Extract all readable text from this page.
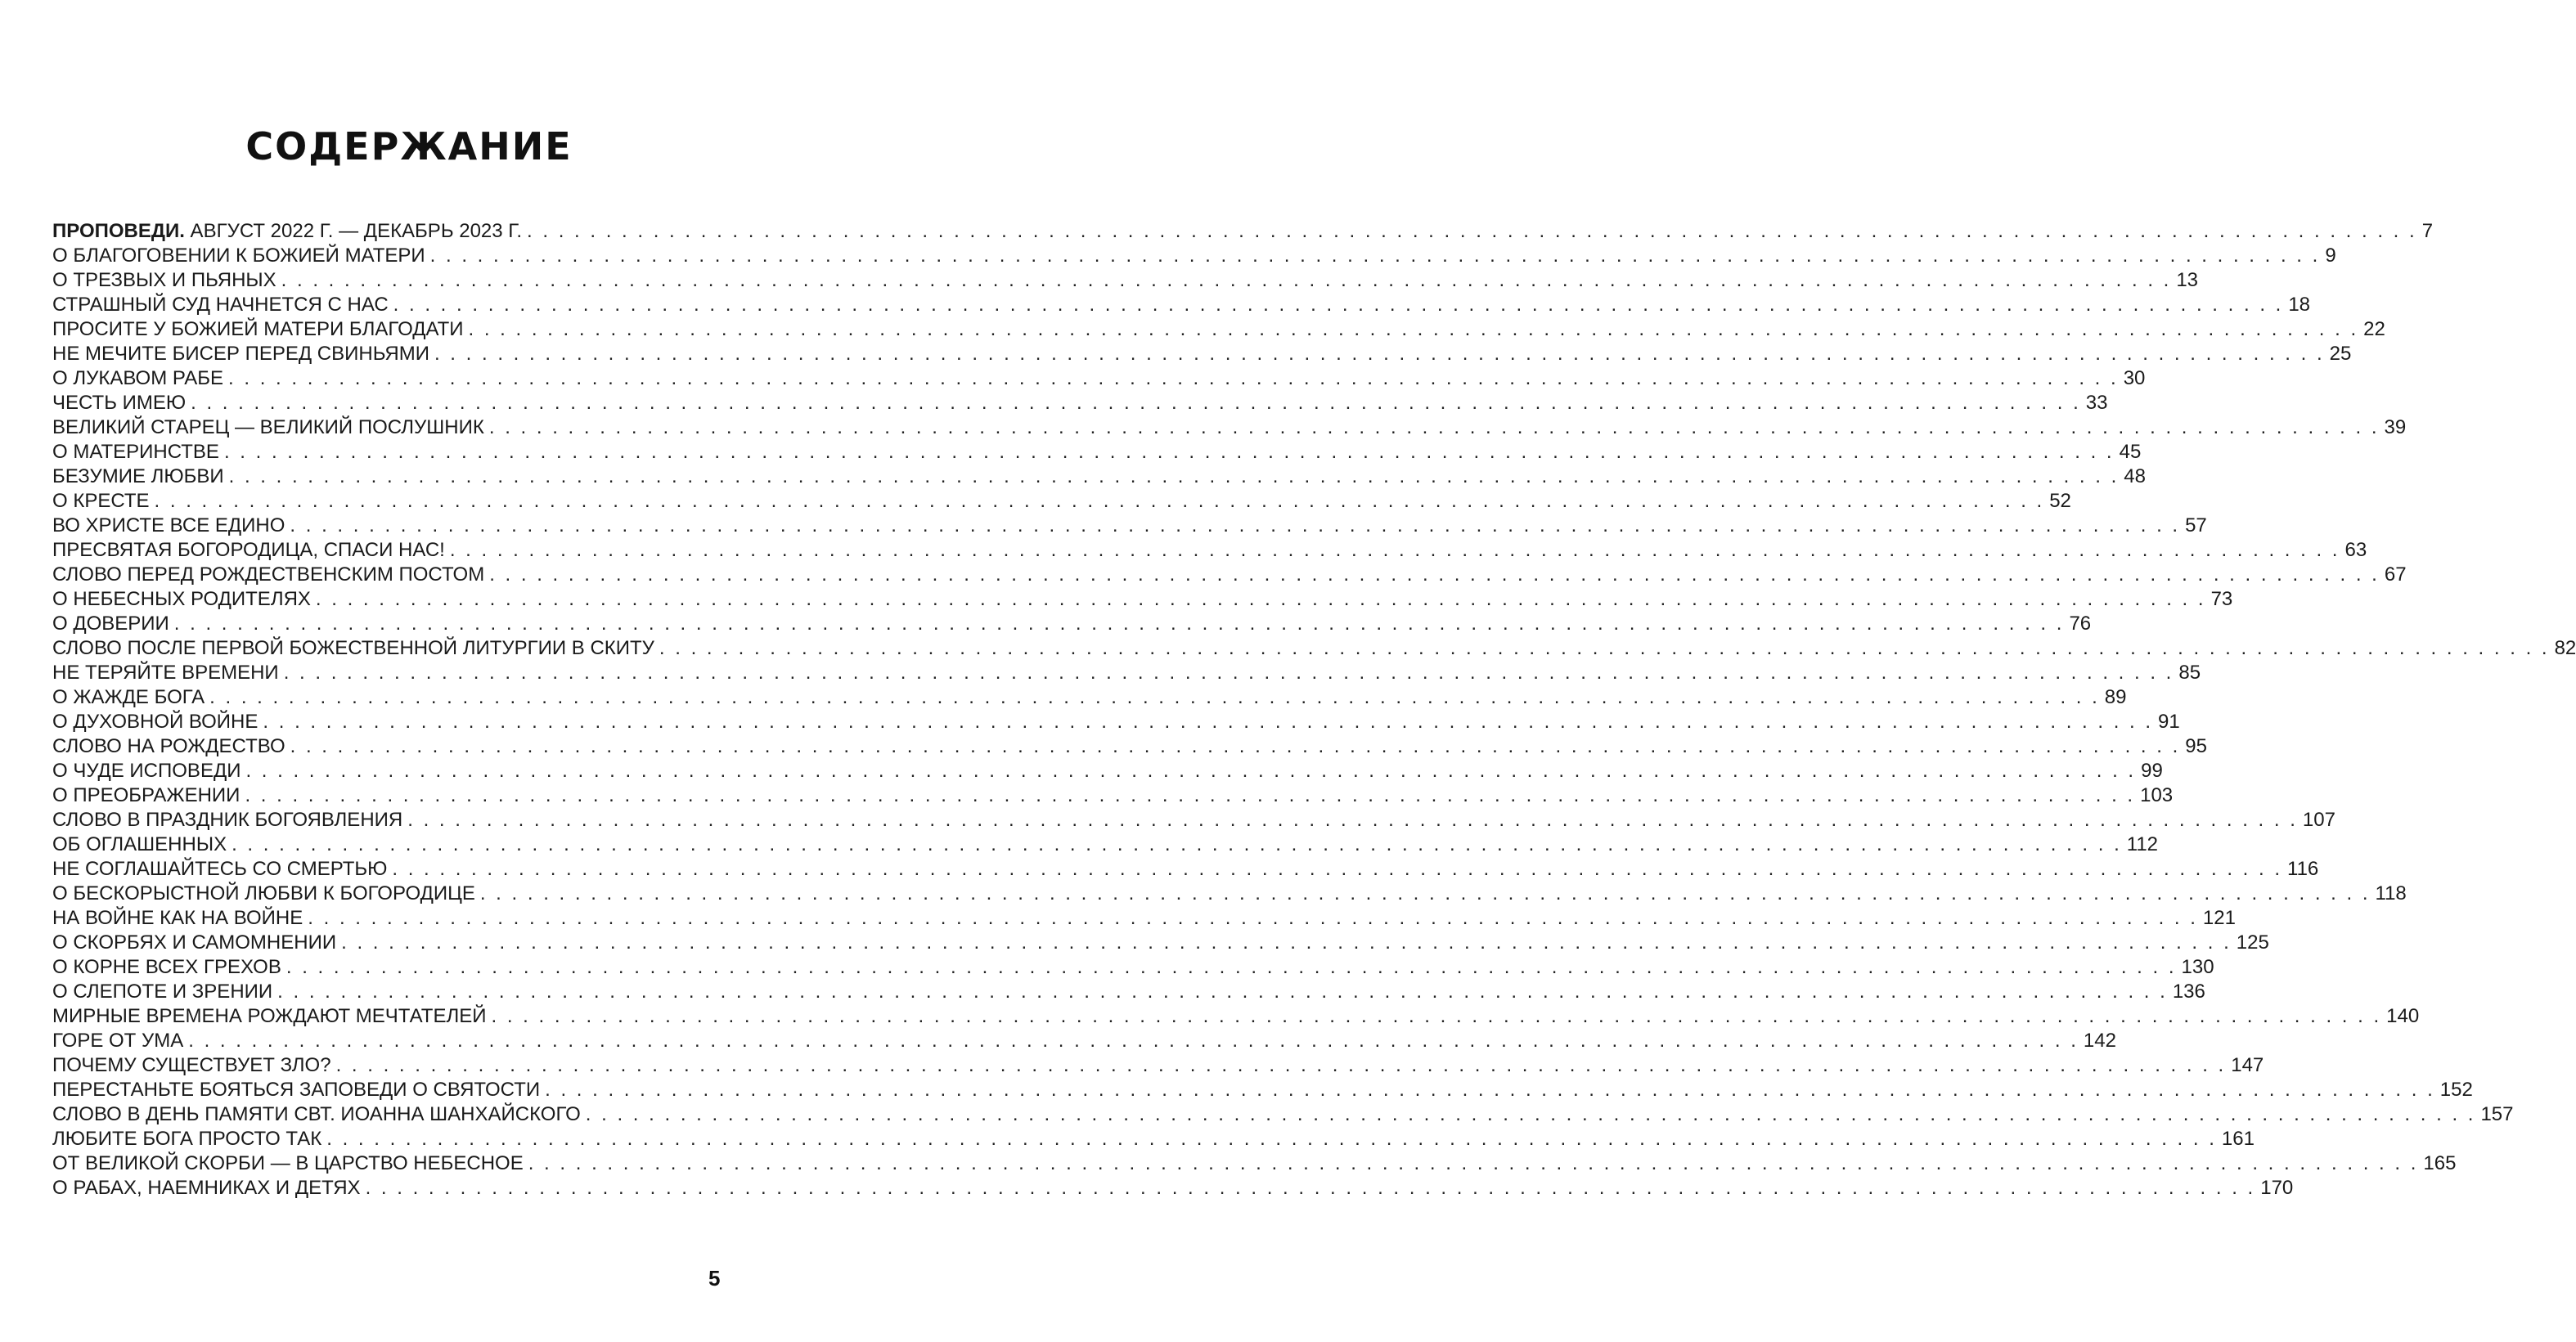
СОДЕРЖАНИЕ
ПРОПОВЕДИ. АВГУСТ 2022 Г. — ДЕКАБРЬ 2023 Г. . . . . . . . . . . . . . . . . . . . . . . . . . . . . . . . . . . . . . . . . . . . . . . . . . . . . . . . . . . . . . . . . . . . . . . . . . . . . . . . . . . . . . . . . . . . . . . . . . . . . . . . . . . . . . . . . . . . . . . . . 7
О БЛАГОГОВЕНИИ К БОЖИЕЙ МАТЕРИ . . . . . . . . . . . . . . . . . . . . . . . . . . . . . . . . . . . . . . . . . . . . . . . . . . . . . . . . . . . . . . . . . . . . . . . . . . . . . . . . . . . . . . . . . . . . . . . . . . . . . . . . . . . . . . . . . . . . . . . . 9
О ТРЕЗВЫХ И ПЬЯНЫХ . . . . . . . . . . . . . . . . . . . . . . . . . . . . . . . . . . . . . . . . . . . . . . . . . . . . . . . . . . . . . . . . . . . . . . . . . . . . . . . . . . . . . . . . . . . . . . . . . . . . . . . . . . . . . . . . . . . . . . . . 13
СТРАШНЫЙ СУД НАЧНЕТСЯ С НАС . . . . . . . . . . . . . . . . . . . . . . . . . . . . . . . . . . . . . . . . . . . . . . . . . . . . . . . . . . . . . . . . . . . . . . . . . . . . . . . . . . . . . . . . . . . . . . . . . . . . . . . . . . . . . . . . . . . . . . . . 18
ПРОСИТЕ У БОЖИЕЙ МАТЕРИ БЛАГОДАТИ . . . . . . . . . . . . . . . . . . . . . . . . . . . . . . . . . . . . . . . . . . . . . . . . . . . . . . . . . . . . . . . . . . . . . . . . . . . . . . . . . . . . . . . . . . . . . . . . . . . . . . . . . . . . . . . . . . . . . . . . 22
НЕ МЕЧИТЕ БИСЕР ПЕРЕД СВИНЬЯМИ . . . . . . . . . . . . . . . . . . . . . . . . . . . . . . . . . . . . . . . . . . . . . . . . . . . . . . . . . . . . . . . . . . . . . . . . . . . . . . . . . . . . . . . . . . . . . . . . . . . . . . . . . . . . . . . . . . . . . . . . 25
О ЛУКАВОМ РАБЕ . . . . . . . . . . . . . . . . . . . . . . . . . . . . . . . . . . . . . . . . . . . . . . . . . . . . . . . . . . . . . . . . . . . . . . . . . . . . . . . . . . . . . . . . . . . . . . . . . . . . . . . . . . . . . . . . . . . . . . . . 30
ЧЕСТЬ ИМЕЮ . . . . . . . . . . . . . . . . . . . . . . . . . . . . . . . . . . . . . . . . . . . . . . . . . . . . . . . . . . . . . . . . . . . . . . . . . . . . . . . . . . . . . . . . . . . . . . . . . . . . . . . . . . . . . . . . . . . . . . . . 33
ВЕЛИКИЙ СТАРЕЦ — ВЕЛИКИЙ ПОСЛУШНИК . . . . . . . . . . . . . . . . . . . . . . . . . . . . . . . . . . . . . . . . . . . . . . . . . . . . . . . . . . . . . . . . . . . . . . . . . . . . . . . . . . . . . . . . . . . . . . . . . . . . . . . . . . . . . . . . . . . . . . . . 39
О МАТЕРИНСТВЕ . . . . . . . . . . . . . . . . . . . . . . . . . . . . . . . . . . . . . . . . . . . . . . . . . . . . . . . . . . . . . . . . . . . . . . . . . . . . . . . . . . . . . . . . . . . . . . . . . . . . . . . . . . . . . . . . . . . . . . . . 45
БЕЗУМИЕ ЛЮБВИ . . . . . . . . . . . . . . . . . . . . . . . . . . . . . . . . . . . . . . . . . . . . . . . . . . . . . . . . . . . . . . . . . . . . . . . . . . . . . . . . . . . . . . . . . . . . . . . . . . . . . . . . . . . . . . . . . . . . . . . . 48
О КРЕСТЕ . . . . . . . . . . . . . . . . . . . . . . . . . . . . . . . . . . . . . . . . . . . . . . . . . . . . . . . . . . . . . . . . . . . . . . . . . . . . . . . . . . . . . . . . . . . . . . . . . . . . . . . . . . . . . . . . . . . . . . . . 52
ВО ХРИСТЕ ВСЕ ЕДИНО . . . . . . . . . . . . . . . . . . . . . . . . . . . . . . . . . . . . . . . . . . . . . . . . . . . . . . . . . . . . . . . . . . . . . . . . . . . . . . . . . . . . . . . . . . . . . . . . . . . . . . . . . . . . . . . . . . . . . . . . 57
ПРЕСВЯТАЯ БОГОРОДИЦА, СПАСИ НАС! . . . . . . . . . . . . . . . . . . . . . . . . . . . . . . . . . . . . . . . . . . . . . . . . . . . . . . . . . . . . . . . . . . . . . . . . . . . . . . . . . . . . . . . . . . . . . . . . . . . . . . . . . . . . . . . . . . . . . . . . 63
СЛОВО ПЕРЕД РОЖДЕСТВЕНСКИМ ПОСТОМ . . . . . . . . . . . . . . . . . . . . . . . . . . . . . . . . . . . . . . . . . . . . . . . . . . . . . . . . . . . . . . . . . . . . . . . . . . . . . . . . . . . . . . . . . . . . . . . . . . . . . . . . . . . . . . . . . . . . . . . . 67
О НЕБЕСНЫХ РОДИТЕЛЯХ . . . . . . . . . . . . . . . . . . . . . . . . . . . . . . . . . . . . . . . . . . . . . . . . . . . . . . . . . . . . . . . . . . . . . . . . . . . . . . . . . . . . . . . . . . . . . . . . . . . . . . . . . . . . . . . . . . . . . . . . 73
О ДОВЕРИИ . . . . . . . . . . . . . . . . . . . . . . . . . . . . . . . . . . . . . . . . . . . . . . . . . . . . . . . . . . . . . . . . . . . . . . . . . . . . . . . . . . . . . . . . . . . . . . . . . . . . . . . . . . . . . . . . . . . . . . . . 76
СЛОВО ПОСЛЕ ПЕРВОЙ БОЖЕСТВЕННОЙ ЛИТУРГИИ В СКИТУ . . . . . . . . . . . . . . . . . . . . . . . . . . . . . . . . . . . . . . . . . . . . . . . . . . . . . . . . . . . . . . . . . . . . . . . . . . . . . . . . . . . . . . . . . . . . . . . . . . . . . . . . . . . . . . . . . . . . . . . . 82
НЕ ТЕРЯЙТЕ ВРЕМЕНИ . . . . . . . . . . . . . . . . . . . . . . . . . . . . . . . . . . . . . . . . . . . . . . . . . . . . . . . . . . . . . . . . . . . . . . . . . . . . . . . . . . . . . . . . . . . . . . . . . . . . . . . . . . . . . . . . . . . . . . . . 85
О ЖАЖДЕ БОГА . . . . . . . . . . . . . . . . . . . . . . . . . . . . . . . . . . . . . . . . . . . . . . . . . . . . . . . . . . . . . . . . . . . . . . . . . . . . . . . . . . . . . . . . . . . . . . . . . . . . . . . . . . . . . . . . . . . . . . . . 89
О ДУХОВНОЙ ВОЙНЕ . . . . . . . . . . . . . . . . . . . . . . . . . . . . . . . . . . . . . . . . . . . . . . . . . . . . . . . . . . . . . . . . . . . . . . . . . . . . . . . . . . . . . . . . . . . . . . . . . . . . . . . . . . . . . . . . . . . . . . . . 91
СЛОВО НА РОЖДЕСТВО . . . . . . . . . . . . . . . . . . . . . . . . . . . . . . . . . . . . . . . . . . . . . . . . . . . . . . . . . . . . . . . . . . . . . . . . . . . . . . . . . . . . . . . . . . . . . . . . . . . . . . . . . . . . . . . . . . . . . . . . 95
О ЧУДЕ ИСПОВЕДИ . . . . . . . . . . . . . . . . . . . . . . . . . . . . . . . . . . . . . . . . . . . . . . . . . . . . . . . . . . . . . . . . . . . . . . . . . . . . . . . . . . . . . . . . . . . . . . . . . . . . . . . . . . . . . . . . . . . . . . . . 99
О ПРЕОБРАЖЕНИИ . . . . . . . . . . . . . . . . . . . . . . . . . . . . . . . . . . . . . . . . . . . . . . . . . . . . . . . . . . . . . . . . . . . . . . . . . . . . . . . . . . . . . . . . . . . . . . . . . . . . . . . . . . . . . . . . . . . . . . . . 103
СЛОВО В ПРАЗДНИК БОГОЯВЛЕНИЯ . . . . . . . . . . . . . . . . . . . . . . . . . . . . . . . . . . . . . . . . . . . . . . . . . . . . . . . . . . . . . . . . . . . . . . . . . . . . . . . . . . . . . . . . . . . . . . . . . . . . . . . . . . . . . . . . . . . . . . . . 107
ОБ ОГЛАШЕННЫХ . . . . . . . . . . . . . . . . . . . . . . . . . . . . . . . . . . . . . . . . . . . . . . . . . . . . . . . . . . . . . . . . . . . . . . . . . . . . . . . . . . . . . . . . . . . . . . . . . . . . . . . . . . . . . . . . . . . . . . . . 112
НЕ СОГЛАШАЙТЕСЬ СО СМЕРТЬЮ . . . . . . . . . . . . . . . . . . . . . . . . . . . . . . . . . . . . . . . . . . . . . . . . . . . . . . . . . . . . . . . . . . . . . . . . . . . . . . . . . . . . . . . . . . . . . . . . . . . . . . . . . . . . . . . . . . . . . . . . 116
О БЕСКОРЫСТНОЙ ЛЮБВИ К БОГОРОДИЦЕ . . . . . . . . . . . . . . . . . . . . . . . . . . . . . . . . . . . . . . . . . . . . . . . . . . . . . . . . . . . . . . . . . . . . . . . . . . . . . . . . . . . . . . . . . . . . . . . . . . . . . . . . . . . . . . . . . . . . . . . . 118
НА ВОЙНЕ КАК НА ВОЙНЕ . . . . . . . . . . . . . . . . . . . . . . . . . . . . . . . . . . . . . . . . . . . . . . . . . . . . . . . . . . . . . . . . . . . . . . . . . . . . . . . . . . . . . . . . . . . . . . . . . . . . . . . . . . . . . . . . . . . . . . . . 121
О СКОРБЯХ И САМОМНЕНИИ . . . . . . . . . . . . . . . . . . . . . . . . . . . . . . . . . . . . . . . . . . . . . . . . . . . . . . . . . . . . . . . . . . . . . . . . . . . . . . . . . . . . . . . . . . . . . . . . . . . . . . . . . . . . . . . . . . . . . . . . 125
О КОРНЕ ВСЕХ ГРЕХОВ . . . . . . . . . . . . . . . . . . . . . . . . . . . . . . . . . . . . . . . . . . . . . . . . . . . . . . . . . . . . . . . . . . . . . . . . . . . . . . . . . . . . . . . . . . . . . . . . . . . . . . . . . . . . . . . . . . . . . . . . 130
О СЛЕПОТЕ И ЗРЕНИИ . . . . . . . . . . . . . . . . . . . . . . . . . . . . . . . . . . . . . . . . . . . . . . . . . . . . . . . . . . . . . . . . . . . . . . . . . . . . . . . . . . . . . . . . . . . . . . . . . . . . . . . . . . . . . . . . . . . . . . . . 136
МИРНЫЕ ВРЕМЕНА РОЖДАЮТ МЕЧТАТЕЛЕЙ . . . . . . . . . . . . . . . . . . . . . . . . . . . . . . . . . . . . . . . . . . . . . . . . . . . . . . . . . . . . . . . . . . . . . . . . . . . . . . . . . . . . . . . . . . . . . . . . . . . . . . . . . . . . . . . . . . . . . . . . 140
ГОРЕ ОТ УМА . . . . . . . . . . . . . . . . . . . . . . . . . . . . . . . . . . . . . . . . . . . . . . . . . . . . . . . . . . . . . . . . . . . . . . . . . . . . . . . . . . . . . . . . . . . . . . . . . . . . . . . . . . . . . . . . . . . . . . . . 142
ПОЧЕМУ СУЩЕСТВУЕТ ЗЛО? . . . . . . . . . . . . . . . . . . . . . . . . . . . . . . . . . . . . . . . . . . . . . . . . . . . . . . . . . . . . . . . . . . . . . . . . . . . . . . . . . . . . . . . . . . . . . . . . . . . . . . . . . . . . . . . . . . . . . . . . 147
ПЕРЕСТАНЬТЕ БОЯТЬСЯ ЗАПОВЕДИ О СВЯТОСТИ . . . . . . . . . . . . . . . . . . . . . . . . . . . . . . . . . . . . . . . . . . . . . . . . . . . . . . . . . . . . . . . . . . . . . . . . . . . . . . . . . . . . . . . . . . . . . . . . . . . . . . . . . . . . . . . . . . . . . . . . 152
СЛОВО В ДЕНЬ ПАМЯТИ СВТ. ИОАННА ШАНХАЙСКОГО . . . . . . . . . . . . . . . . . . . . . . . . . . . . . . . . . . . . . . . . . . . . . . . . . . . . . . . . . . . . . . . . . . . . . . . . . . . . . . . . . . . . . . . . . . . . . . . . . . . . . . . . . . . . . . . . . . . . . . . . 157
ЛЮБИТЕ БОГА ПРОСТО ТАК . . . . . . . . . . . . . . . . . . . . . . . . . . . . . . . . . . . . . . . . . . . . . . . . . . . . . . . . . . . . . . . . . . . . . . . . . . . . . . . . . . . . . . . . . . . . . . . . . . . . . . . . . . . . . . . . . . . . . . . . 161
ОТ ВЕЛИКОЙ СКОРБИ — В ЦАРСТВО НЕБЕСНОЕ . . . . . . . . . . . . . . . . . . . . . . . . . . . . . . . . . . . . . . . . . . . . . . . . . . . . . . . . . . . . . . . . . . . . . . . . . . . . . . . . . . . . . . . . . . . . . . . . . . . . . . . . . . . . . . . . . . . . . . . . 165
О РАБАХ, НАЕМНИКАХ И ДЕТЯХ . . . . . . . . . . . . . . . . . . . . . . . . . . . . . . . . . . . . . . . . . . . . . . . . . . . . . . . . . . . . . . . . . . . . . . . . . . . . . . . . . . . . . . . . . . . . . . . . . . . . . . . . . . . . . . . . . . . . . . . . 170
5
